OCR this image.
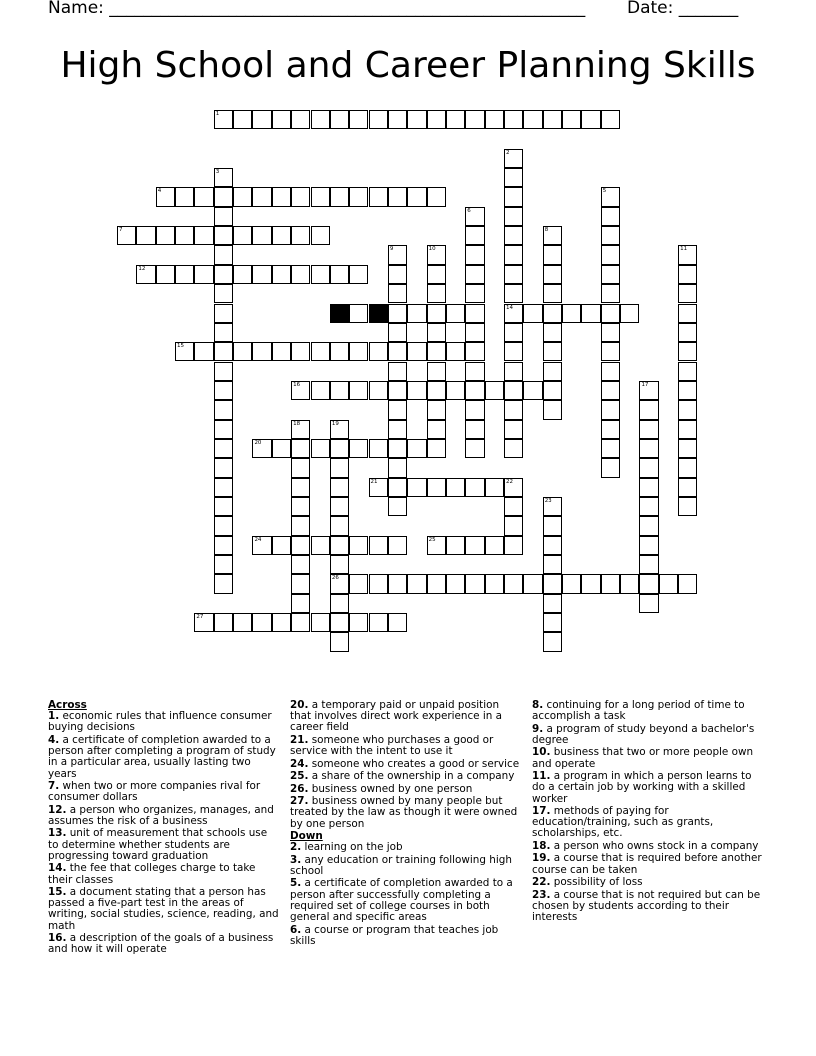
Name: ________________________________________________________ Date: _______
High School and Career Planning Skills
1
2
14
3
4	5
6
7	8
9	10	11
12
13
15
16	17
18	19
26
20
21	22
23
24	25
27
Across
1. economic rules that influence consumer buying decisions
4. a certificate of completion awarded to a person after completing a program of study in a particular area, usually lasting two years
7. when two or more companies rival for consumer dollars
12. a person who organizes, manages, and assumes the risk of a business
13. unit of measurement that schools use to determine whether students are progressing toward graduation
14. the fee that colleges charge to take their classes
15. a document stating that a person has passed a five-part test in the areas of writing, social studies, science, reading, and math
16. a description of the goals of a business and how it will operate
20. a temporary paid or unpaid position that involves direct work experience in a career field
21. someone who purchases a good or service with the intent to use it
24. someone who creates a good or service
25. a share of the ownership in a company
26. business owned by one person
27. business owned by many people but treated by the law as though it were owned by one person
Down
2. learning on the job
3. any education or training following high school
5. a certificate of completion awarded to a person after successfully completing a required set of college courses in both general and specific areas
6. a course or program that teaches job skills
8. continuing for a long period of time to accomplish a task
9. a program of study beyond a bachelor's degree
10. business that two or more people own and operate
11. a program in which a person learns to do a certain job by working with a skilled worker
17. methods of paying for education/training, such as grants, scholarships, etc.
18. a person who owns stock in a company
19. a course that is required before another course can be taken
22. possibility of loss
23. a course that is not required but can be chosen by students according to their interests
